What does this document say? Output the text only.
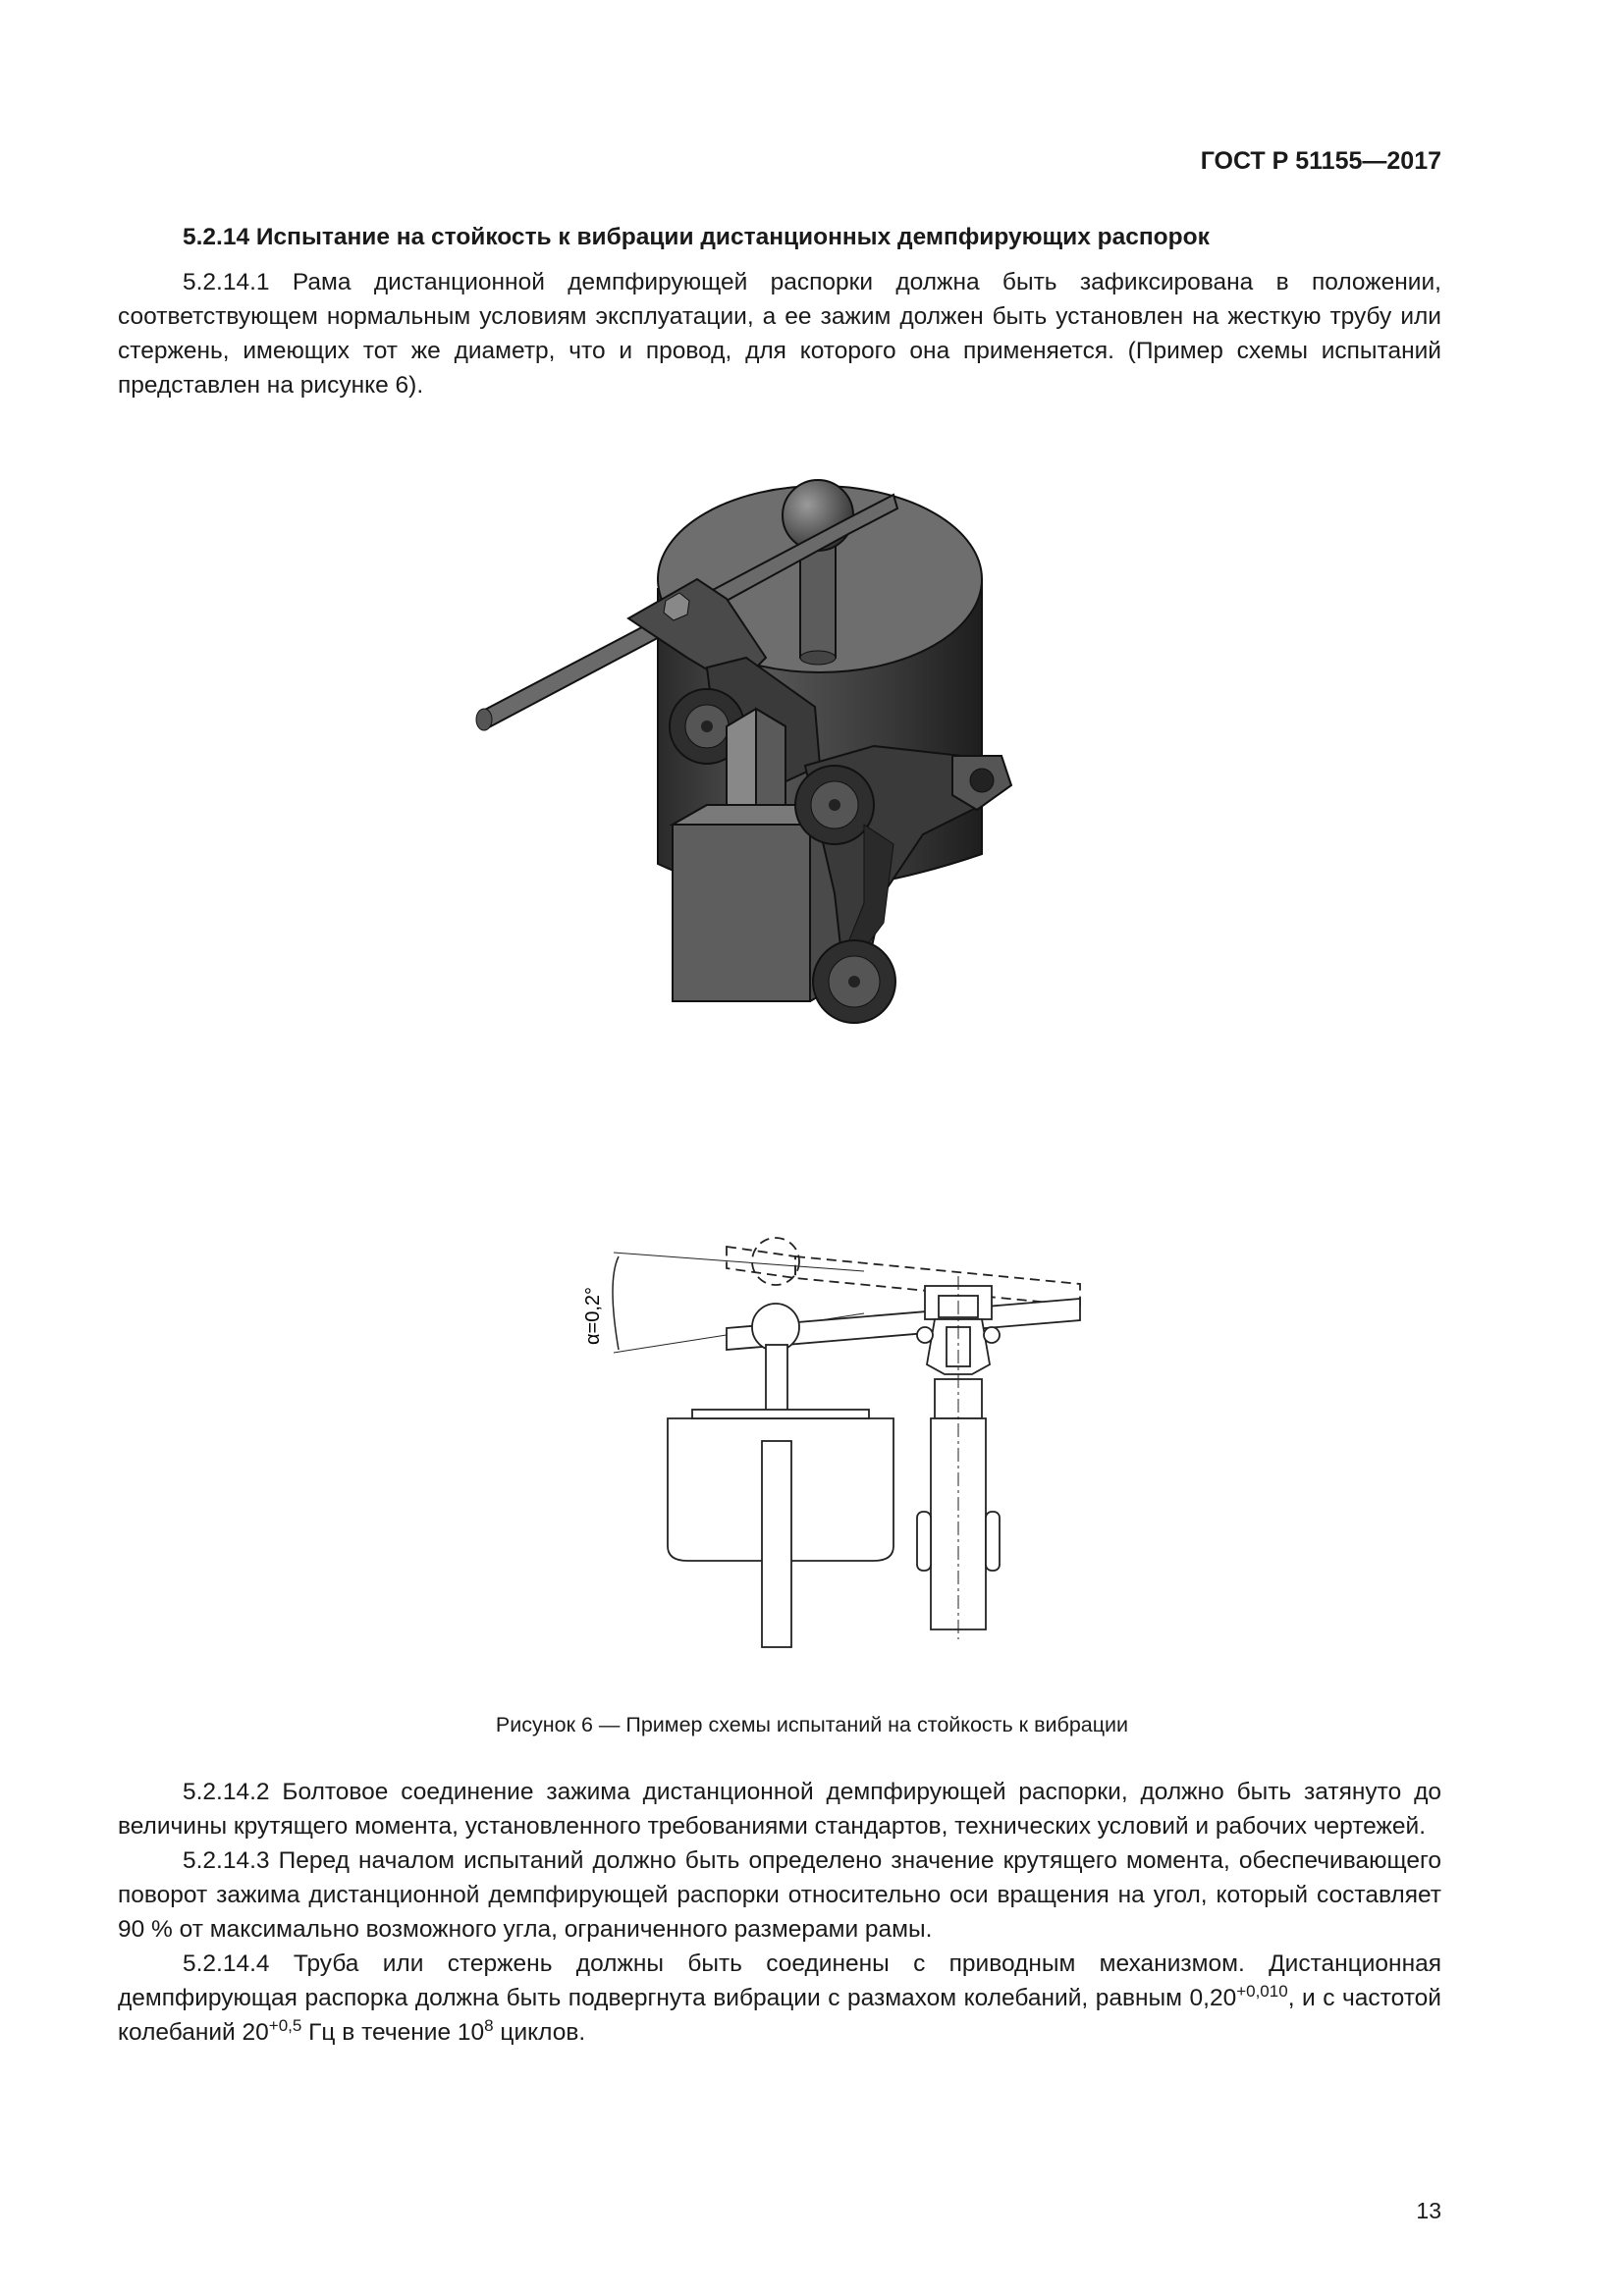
ГОСТ Р 51155—2017
5.2.14 Испытание на стойкость к вибрации дистанционных демпфирующих распорок

5.2.14.1 Рама дистанционной демпфирующей распорки должна быть зафиксирована в положении, соответствующем нормальным условиям эксплуатации, а ее зажим должен быть установлен на жесткую трубу или стержень, имеющих тот же диаметр, что и провод, для которого она применяется. (Пример схемы испытаний представлен на рисунке 6).

α=0,2°
Рисунок 6 — Пример схемы испытаний на стойкость к вибрации

5.2.14.2 Болтовое соединение зажима дистанционной демпфирующей распорки, должно быть затянуто до величины крутящего момента, установленного требованиями стандартов, технических условий и рабочих чертежей.

5.2.14.3 Перед началом испытаний должно быть определено значение крутящего момента, обеспечивающего поворот зажима дистанционной демпфирующей распорки относительно оси вращения на угол, который составляет 90 % от максимально возможного угла, ограниченного размерами рамы.

5.2.14.4 Труба или стержень должны быть соединены с приводным механизмом. Дистанционная демпфирующая распорка должна быть подвергнута вибрации с размахом колебаний, равным $0,20^{+0,010}$, и с частотой колебаний $20^{+0,5}$ Гц в течение $10^8$ циклов.

13
